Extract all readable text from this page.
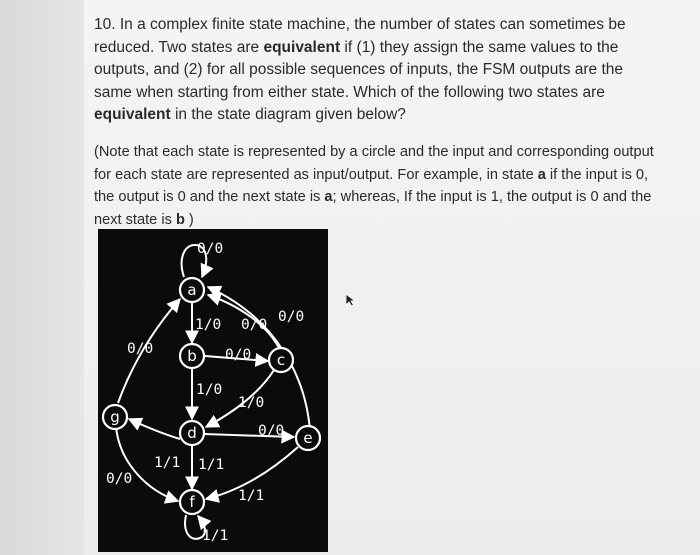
10. In a complex finite state machine, the number of states can sometimes be reduced. Two states are equivalent if (1) they assign the same values to the outputs, and (2) for all possible sequences of inputs, the FSM outputs are the same when starting from either state. Which of the following two states are equivalent in the state diagram given below?

(Note that each state is represented by a circle and the input and corresponding output for each state are represented as input/output. For example, in state a if the input is 0, the output is 0 and the next state is a; whereas, If the input is 1, the output is 0 and the next state is b )

a
b	c
d	e
f
g
0/0
1/0 0/0 0/0
0/0	0/0
1/0
1/0
0/0
1/1 1/1
0/0
1/1
1/1
